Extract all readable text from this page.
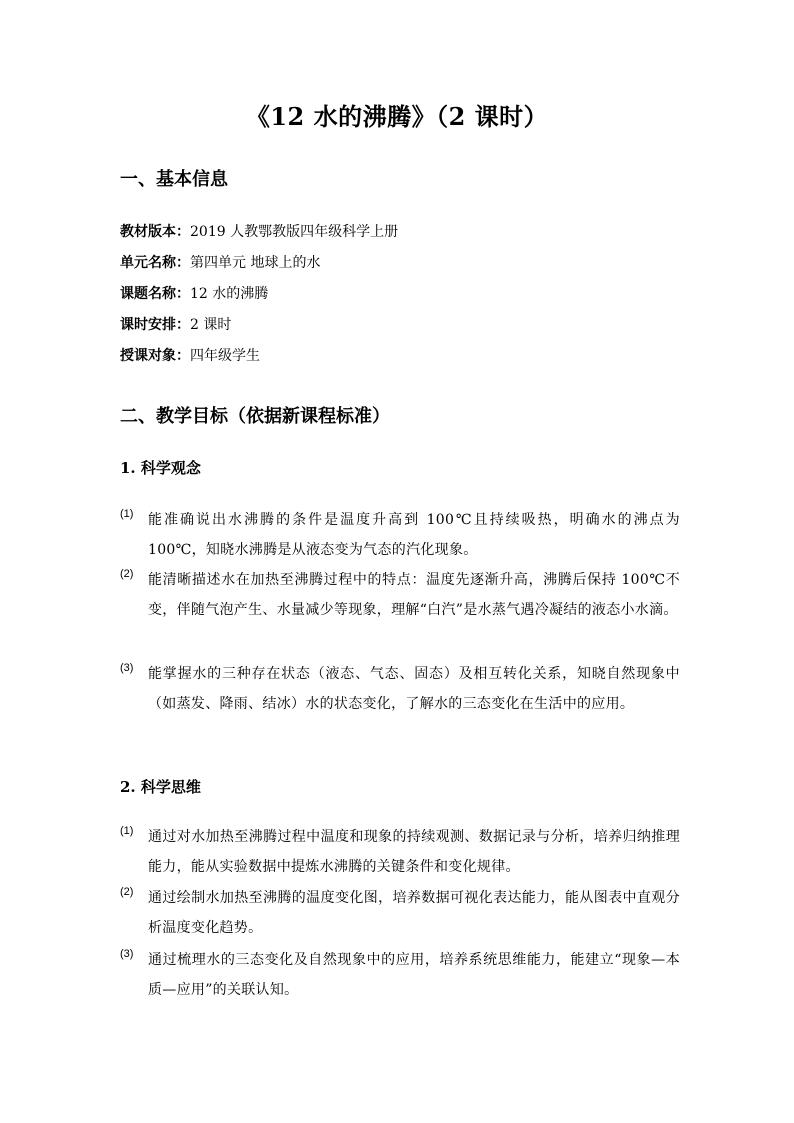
《12 水的沸腾》（2 课时）
一、基本信息
教材版本：2019 人教鄂教版四年级科学上册
单元名称：第四单元 地球上的水
课题名称：12 水的沸腾
课时安排：2 课时
授课对象：四年级学生
二、教学目标（依据新课程标准）
1. 科学观念
(1) 能准确说出水沸腾的条件是温度升高到 100℃且持续吸热，明确水的沸点为 100℃，知晓水沸腾是从液态变为气态的汽化现象。
(2) 能清晰描述水在加热至沸腾过程中的特点：温度先逐渐升高，沸腾后保持 100℃不变，伴随气泡产生、水量减少等现象，理解“白汽”是水蒸气遇冷凝结的液态小水滴。
(3) 能掌握水的三种存在状态（液态、气态、固态）及相互转化关系，知晓自然现象中（如蒸发、降雨、结冰）水的状态变化，了解水的三态变化在生活中的应用。
2. 科学思维
(1) 通过对水加热至沸腾过程中温度和现象的持续观测、数据记录与分析，培养归纳推理能力，能从实验数据中提炼水沸腾的关键条件和变化规律。
(2) 通过绘制水加热至沸腾的温度变化图，培养数据可视化表达能力，能从图表中直观分析温度变化趋势。
(3) 通过梳理水的三态变化及自然现象中的应用，培养系统思维能力，能建立“现象—本质—应用”的关联认知。
